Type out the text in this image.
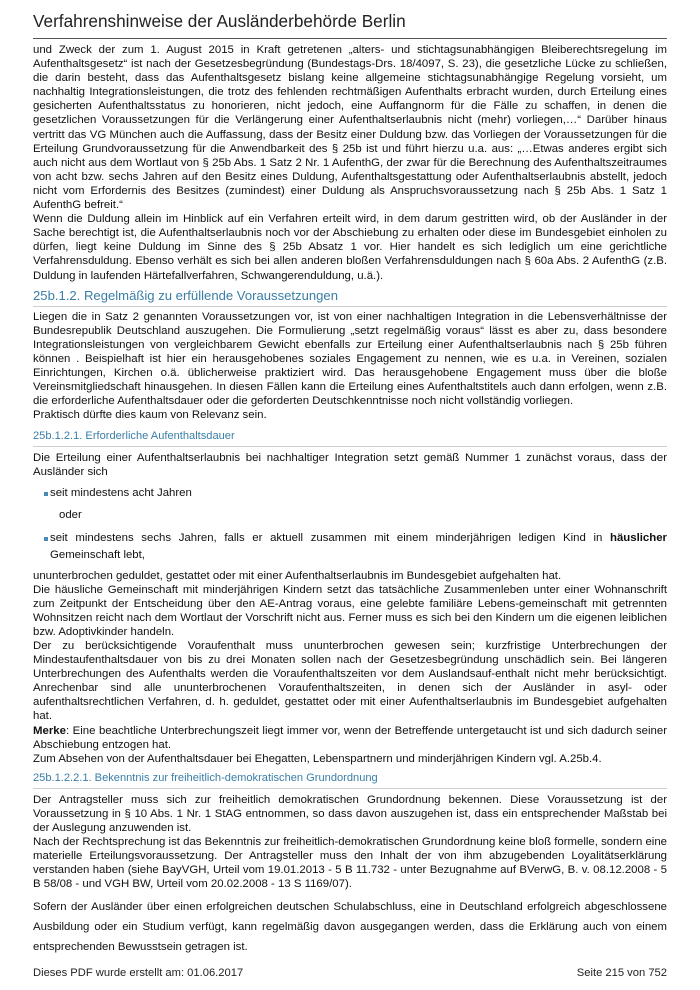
Verfahrenshinweise der Ausländerbehörde Berlin

und Zweck der zum 1. August 2015 in Kraft getretenen „alters- und stichtagsunabhängigen Bleiberechtsregelung im Aufenthaltsgesetz“ ist nach der Gesetzesbegründung (Bundestags-Drs. 18/4097, S. 23), die gesetzliche Lücke zu schließen, die darin besteht, dass das Aufenthaltsgesetz bislang keine allgemeine stichtagsunabhängige Regelung vorsieht, um nachhaltig Integrationsleistungen, die trotz des fehlenden rechtmäßigen Aufenthalts erbracht wurden, durch Erteilung eines gesicherten Aufenthaltsstatus zu honorieren, nicht jedoch, eine Auffangnorm für die Fälle zu schaffen, in denen die gesetzlichen Voraussetzungen für die Verlängerung einer Aufenthaltserlaubnis nicht (mehr) vorliegen,…“ Darüber hinaus vertritt das VG München auch die Auffassung, dass der Besitz einer Duldung bzw. das Vorliegen der Voraussetzungen für die Erteilung Grundvoraussetzung für die Anwendbarkeit des § 25b ist und führt hierzu u.a. aus: „…Etwas anderes ergibt sich auch nicht aus dem Wortlaut von § 25b Abs. 1 Satz 2 Nr. 1 AufenthG, der zwar für die Berechnung des Aufenthaltszeitraumes von acht bzw. sechs Jahren auf den Besitz eines Duldung, Aufenthaltsgestattung oder Aufenthaltserlaubnis abstellt, jedoch nicht vom Erfordernis des Besitzes (zumindest) einer Duldung als Anspruchsvoraussetzung nach § 25b Abs. 1 Satz 1 AufenthG befreit.“

Wenn die Duldung allein im Hinblick auf ein Verfahren erteilt wird, in dem darum gestritten wird, ob der Ausländer in der Sache berechtigt ist, die Aufenthaltserlaubnis noch vor der Abschiebung zu erhalten oder diese im Bundesgebiet einholen zu dürfen, liegt keine Duldung im Sinne des § 25b Absatz 1 vor. Hier handelt es sich lediglich um eine gerichtliche Verfahrensduldung. Ebenso verhält es sich bei allen anderen bloßen Verfahrensduldungen nach § 60a Abs. 2 AufenthG (z.B. Duldung in laufenden Härtefallverfahren, Schwangerenduldung, u.ä.).

25b.1.2. Regelmäßig zu erfüllende Voraussetzungen

Liegen die in Satz 2 genannten Voraussetzungen vor, ist von einer nachhaltigen Integration in die Lebensverhältnisse der Bundesrepublik Deutschland auszugehen. Die Formulierung „setzt regelmäßig voraus“ lässt es aber zu, dass besondere Integrationsleistungen von vergleichbarem Gewicht ebenfalls zur Erteilung einer Aufenthaltserlaubnis nach § 25b führen können . Beispielhaft ist hier ein herausgehobenes soziales Engagement zu nennen, wie es u.a. in Vereinen, sozialen Einrichtungen, Kirchen o.ä. üblicherweise praktiziert wird. Das herausgehobene Engagement muss über die bloße Vereinsmitgliedschaft hinausgehen. In diesen Fällen kann die Erteilung eines Aufenthaltstitels auch dann erfolgen, wenn z.B. die erforderliche Aufenthaltsdauer oder die geforderten Deutschkenntnisse noch nicht vollständig vorliegen.

Praktisch dürfte dies kaum von Relevanz sein.

25b.1.2.1. Erforderliche Aufenthaltsdauer

Die Erteilung einer Aufenthaltserlaubnis bei nachhaltiger Integration setzt gemäß Nummer 1 zunächst voraus, dass der Ausländer sich

seit mindestens acht Jahren
oder
seit mindestens sechs Jahren, falls er aktuell zusammen mit einem minderjährigen ledigen Kind in häuslicher Gemeinschaft lebt,

ununterbrochen geduldet, gestattet oder mit einer Aufenthaltserlaubnis im Bundesgebiet aufgehalten hat.

Die häusliche Gemeinschaft mit minderjährigen Kindern setzt das tatsächliche Zusammenleben unter einer Wohnanschrift zum Zeitpunkt der Entscheidung über den AE-Antrag voraus, eine gelebte familiäre Lebens-gemeinschaft mit getrennten Wohnsitzen reicht nach dem Wortlaut der Vorschrift nicht aus. Ferner muss es sich bei den Kindern um die eigenen leiblichen bzw. Adoptivkinder handeln.

Der zu berücksichtigende Voraufenthalt muss ununterbrochen gewesen sein; kurzfristige Unterbrechungen der Mindestaufenthaltsdauer von bis zu drei Monaten sollen nach der Gesetzesbegründung unschädlich sein. Bei längeren Unterbrechungen des Aufenthalts werden die Voraufenthaltszeiten vor dem Auslandsauf-enthalt nicht mehr berücksichtigt. Anrechenbar sind alle ununterbrochenen Voraufenthaltszeiten, in denen sich der Ausländer in asyl- oder aufenthaltsrechtlichen Verfahren, d. h. geduldet, gestattet oder mit einer Aufenthaltserlaubnis im Bundesgebiet aufgehalten hat.

Merke: Eine beachtliche Unterbrechungszeit liegt immer vor, wenn der Betreffende untergetaucht ist und sich dadurch seiner Abschiebung entzogen hat.

Zum Absehen von der Aufenthaltsdauer bei Ehegatten, Lebenspartnern und minderjährigen Kindern vgl. A.25b.4.

25b.1.2.2.1. Bekenntnis zur freiheitlich-demokratischen Grundordnung

Der Antragsteller muss sich zur freiheitlich demokratischen Grundordnung bekennen. Diese Voraussetzung ist der Voraussetzung in § 10 Abs. 1 Nr. 1 StAG entnommen, so dass davon auszugehen ist, dass ein entsprechender Maßstab bei der Auslegung anzuwenden ist.

Nach der Rechtsprechung ist das Bekenntnis zur freiheitlich-demokratischen Grundordnung keine bloß formelle, sondern eine materielle Erteilungsvoraussetzung. Der Antragsteller muss den Inhalt der von ihm abzugebenden Loyalitätserklärung verstanden haben (siehe BayVGH, Urteil vom 19.01.2013 - 5 B 11.732 - unter Bezugnahme auf BVerwG, B. v. 08.12.2008 - 5 B 58/08 - und VGH BW, Urteil vom 20.02.2008 - 13 S 1169/07).

Sofern der Ausländer über einen erfolgreichen deutschen Schulabschluss, eine in Deutschland erfolgreich abgeschlossene Ausbildung oder ein Studium verfügt, kann regelmäßig davon ausgegangen werden, dass die Erklärung auch von einem entsprechenden Bewusstsein getragen ist.

Dieses PDF wurde erstellt am: 01.06.2017	Seite 215 von 752
